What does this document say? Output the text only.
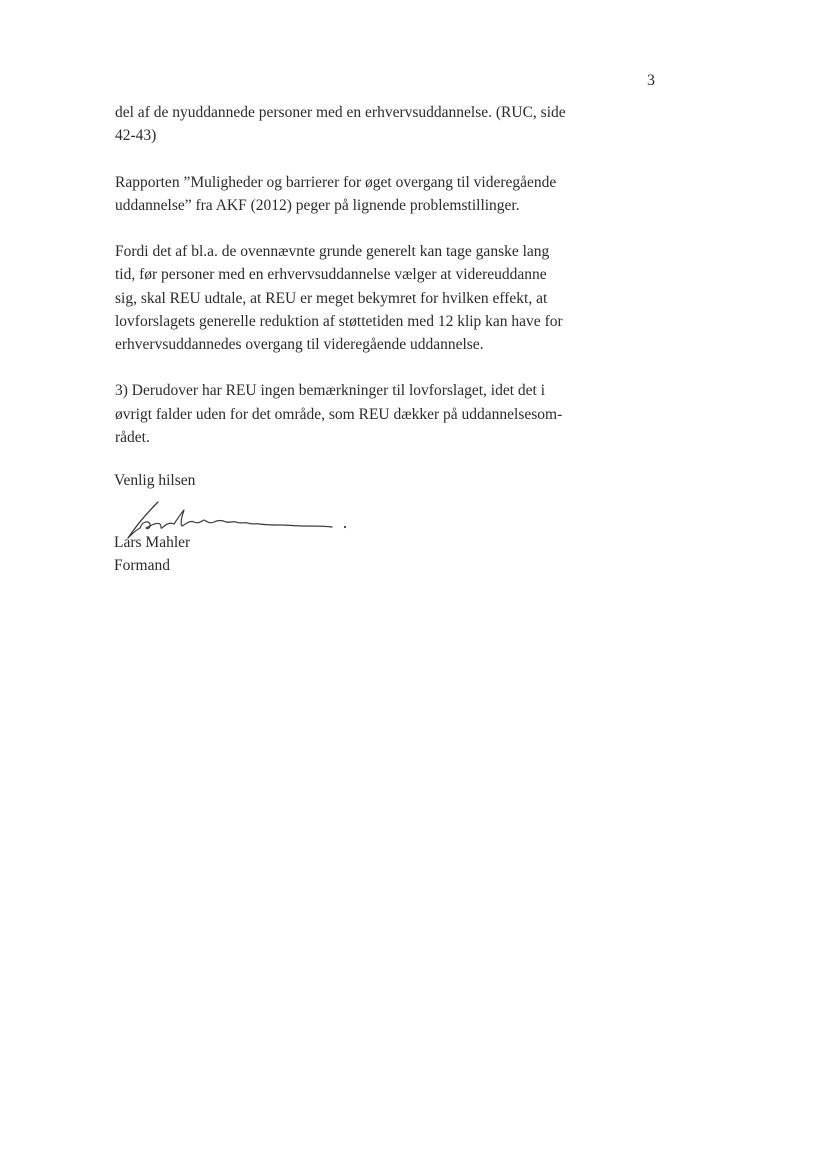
3

del af de nyuddannede personer med en erhvervsuddannelse. (RUC, side
42-43)

Rapporten ”Muligheder og barrierer for øget overgang til videregående
uddannelse” fra AKF (2012) peger på lignende problemstillinger.

Fordi det af bl.a. de ovennævnte grunde generelt kan tage ganske lang
tid, før personer med en erhvervsuddannelse vælger at videreuddanne
sig, skal REU udtale, at REU er meget bekymret for hvilken effekt, at
lovforslagets generelle reduktion af støttetiden med 12 klip kan have for
erhvervsuddannedes overgang til videregående uddannelse.

3) Derudover har REU ingen bemærkninger til lovforslaget, idet det i
øvrigt falder uden for det område, som REU dækker på uddannelsesom-
rådet.

Venlig hilsen
Lars Mahler
Formand
